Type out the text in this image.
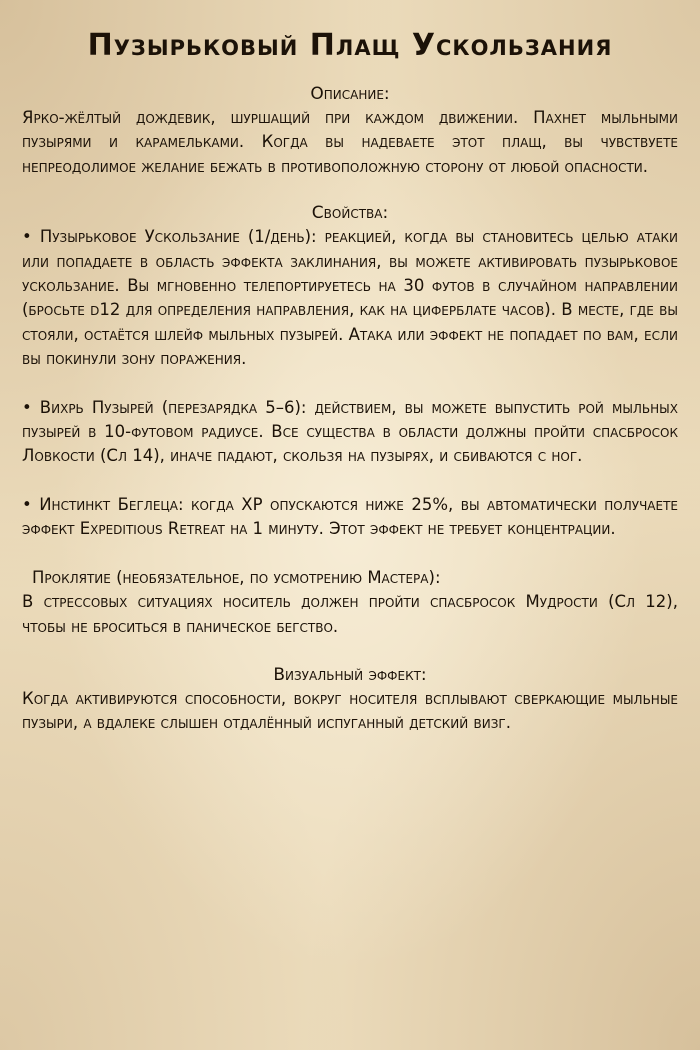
Пузырьковый Плащ Ускользания
Описание:

Ярко-жёлтый дождевик, шуршащий при каждом движении. Пахнет мыльными пузырями и карамельками. Когда вы надеваете этот плащ, вы чувствуете непреодолимое желание бежать в противоположную сторону от любой опасности.

Свойства:

• Пузырьковое Ускользание (1/день): реакцией, когда вы становитесь целью атаки или попадаете в область эффекта заклинания, вы можете активировать пузырьковое ускользание. Вы мгновенно телепортируетесь на 30 футов в случайном направлении (бросьте d12 для определения направления, как на циферблате часов). В месте, где вы стояли, остаётся шлейф мыльных пузырей. Атака или эффект не попадает по вам, если вы покинули зону поражения.

• Вихрь Пузырей (перезарядка 5–6): действием, вы можете выпустить рой мыльных пузырей в 10-футовом радиусе. Все существа в области должны пройти спасбросок Ловкости (Сл 14), иначе падают, скользя на пузырях, и сбиваются с ног.

• Инстинкт Беглеца: когда ХР опускаются ниже 25%, вы автоматически получаете эффект Expeditious Retreat на 1 минуту. Этот эффект не требует концентрации.

Проклятие (необязательное, по усмотрению Мастера):

В стрессовых ситуациях носитель должен пройти спасбросок Мудрости (Сл 12), чтобы не броситься в паническое бегство.

Визуальный эффект:

Когда активируются способности, вокруг носителя всплывают сверкающие мыльные пузыри, а вдалеке слышен отдалённый испуганный детский визг.
